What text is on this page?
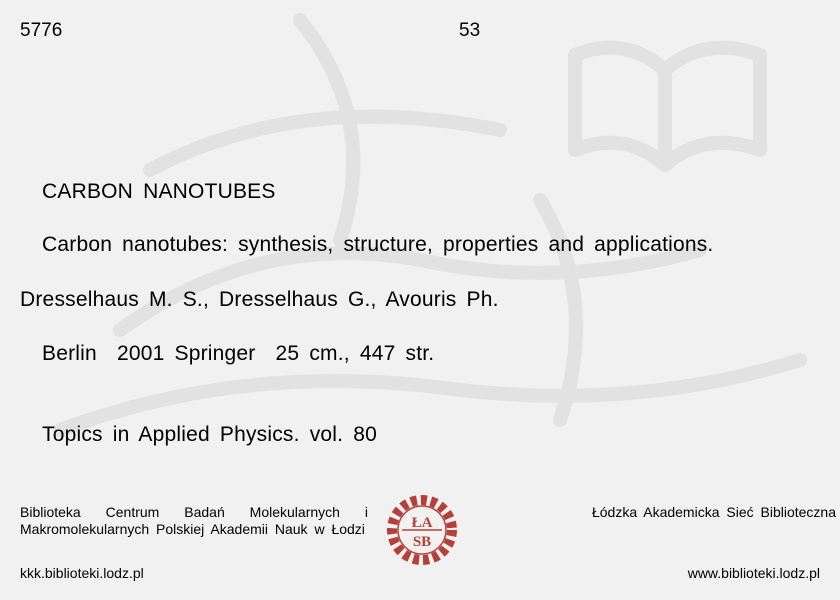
5776	53
CARBON NANOTUBES
Carbon nanotubes: synthesis, structure, properties and applications.
Dresselhaus M. S., Dresselhaus G., Avouris Ph.
Berlin  2001 Springer  25 cm., 447 str.
Topics in Applied Physics. vol. 80
Biblioteka Centrum Badań Molekularnych i Makromolekularnych Polskiej Akademii Nauk w Łodzi	ŁA
SB
Łódzka Akademicka Sieć Biblioteczna
kkk.biblioteki.lodz.pl	www.biblioteki.lodz.pl
